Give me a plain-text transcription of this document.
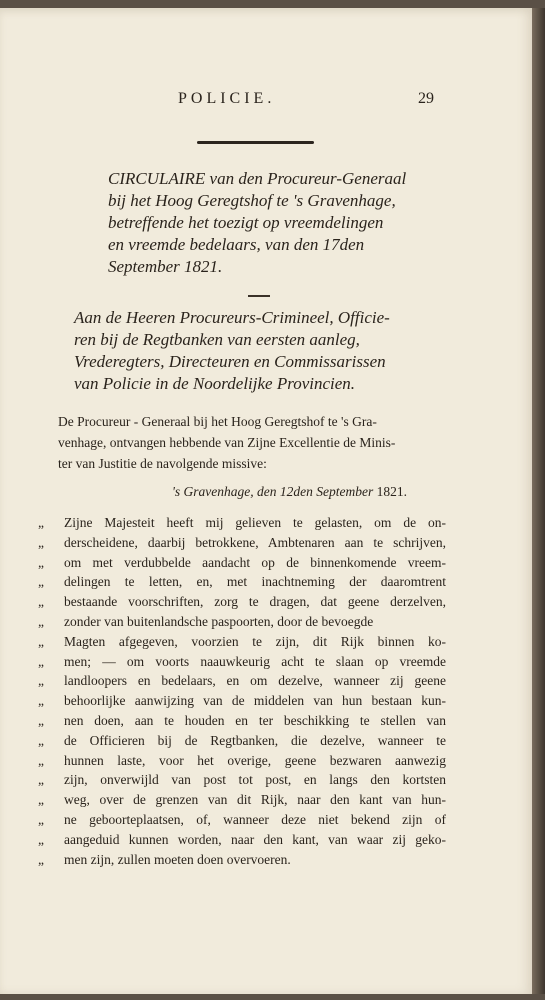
POLICIE.	29
CIRCULAIRE van den Procureur-Generaal
bij het Hoog Geregtshof te 's Gravenhage,
betreffende het toezigt op vreemdelingen
en vreemde bedelaars, van den 17den
September 1821.
Aan de Heeren Procureurs-Crimineel, Officie-
ren bij de Regtbanken van eersten aanleg,
Vrederegters, Directeuren en Commissarissen
van Policie in de Noordelijke Provincien.
De Procureur - Generaal bij het Hoog Geregtshof te 's Gra-
venhage, ontvangen hebbende van Zijne Excellentie de Minis-
ter van Justitie de navolgende missive:
's Gravenhage, den 12den September 1821.
„ Zijne Majesteit heeft mij gelieven te gelasten, om de on-
„ derscheidene, daarbij betrokkene, Ambtenaren aan te schrijven,
„ om met verdubbelde aandacht op de binnenkomende vreem-
„ delingen te letten, en, met inachtneming der daaromtrent
„ bestaande voorschriften, zorg te dragen, dat geene derzelven,
„ zonder van buitenlandsche paspoorten, door de bevoegde
„ Magten afgegeven, voorzien te zijn, dit Rijk binnen ko-
„ men; — om voorts naauwkeurig acht te slaan op vreemde
„ landloopers en bedelaars, en om dezelve, wanneer zij geene
„ behoorlijke aanwijzing van de middelen van hun bestaan kun-
„ nen doen, aan te houden en ter beschikking te stellen van
„ de Officieren bij de Regtbanken, die dezelve, wanneer te
„ hunnen laste, voor het overige, geene bezwaren aanwezig
„ zijn, onverwijld van post tot post, en langs den kortsten
„ weg, over de grenzen van dit Rijk, naar den kant van hun-
„ ne geboorteplaatsen, of, wanneer deze niet bekend zijn of
„ aangeduid kunnen worden, naar den kant, van waar zij geko-
„ men zijn, zullen moeten doen overvoeren.
